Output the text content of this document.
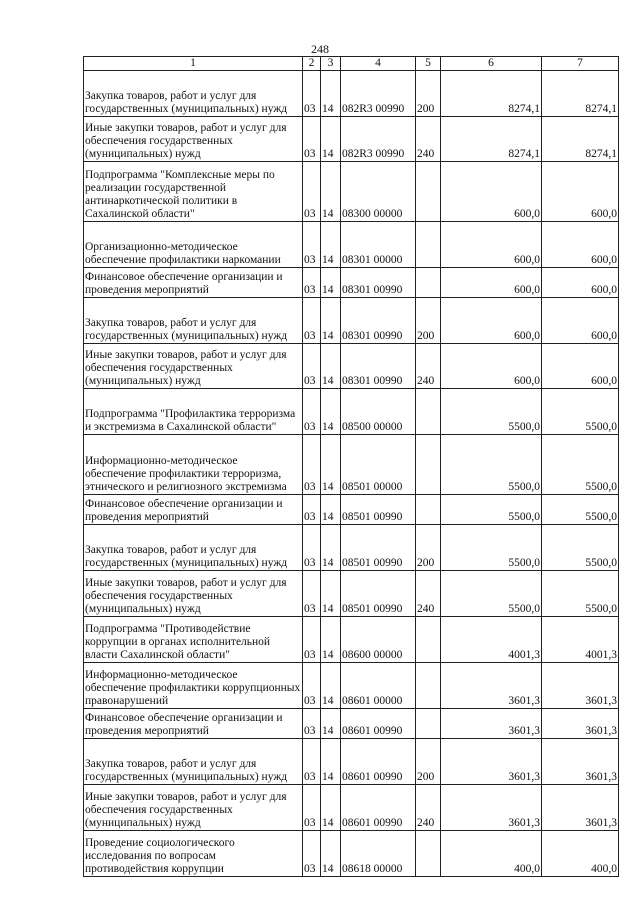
248
1	2	3	4	5	6	7
Закупка товаров, работ и услуг для государственных (муниципальных) нужд	03	14	082R3 00990	200	8274,1	8274,1
Иные закупки товаров, работ и услуг для обеспечения государственных (муниципальных) нужд	03	14	082R3 00990	240	8274,1	8274,1
Подпрограмма "Комплексные меры по реализации государственной антинаркотической политики в Сахалинской области"	03	14	08300 00000		600,0	600,0
Организационно-методическое обеспечение профилактики наркомании	03	14	08301 00000		600,0	600,0
Финансовое обеспечение организации и проведения мероприятий	03	14	08301 00990		600,0	600,0
Закупка товаров, работ и услуг для государственных (муниципальных) нужд	03	14	08301 00990	200	600,0	600,0
Иные закупки товаров, работ и услуг для обеспечения государственных (муниципальных) нужд	03	14	08301 00990	240	600,0	600,0
Подпрограмма "Профилактика терроризма и экстремизма в Сахалинской области"	03	14	08500 00000		5500,0	5500,0
Информационно-методическое обеспечение профилактики терроризма, этнического и религиозного экстремизма	03	14	08501 00000		5500,0	5500,0
Финансовое обеспечение организации и проведения мероприятий	03	14	08501 00990		5500,0	5500,0
Закупка товаров, работ и услуг для государственных (муниципальных) нужд	03	14	08501 00990	200	5500,0	5500,0
Иные закупки товаров, работ и услуг для обеспечения государственных (муниципальных) нужд	03	14	08501 00990	240	5500,0	5500,0
Подпрограмма "Противодействие коррупции в органах исполнительной власти Сахалинской области"	03	14	08600 00000		4001,3	4001,3
Информационно-методическое обеспечение профилактики коррупционных правонарушений	03	14	08601 00000		3601,3	3601,3
Финансовое обеспечение организации и проведения мероприятий	03	14	08601 00990		3601,3	3601,3
Закупка товаров, работ и услуг для государственных (муниципальных) нужд	03	14	08601 00990	200	3601,3	3601,3
Иные закупки товаров, работ и услуг для обеспечения государственных (муниципальных) нужд	03	14	08601 00990	240	3601,3	3601,3
Проведение социологического исследования по вопросам противодействия коррупции	03	14	08618 00000		400,0	400,0
